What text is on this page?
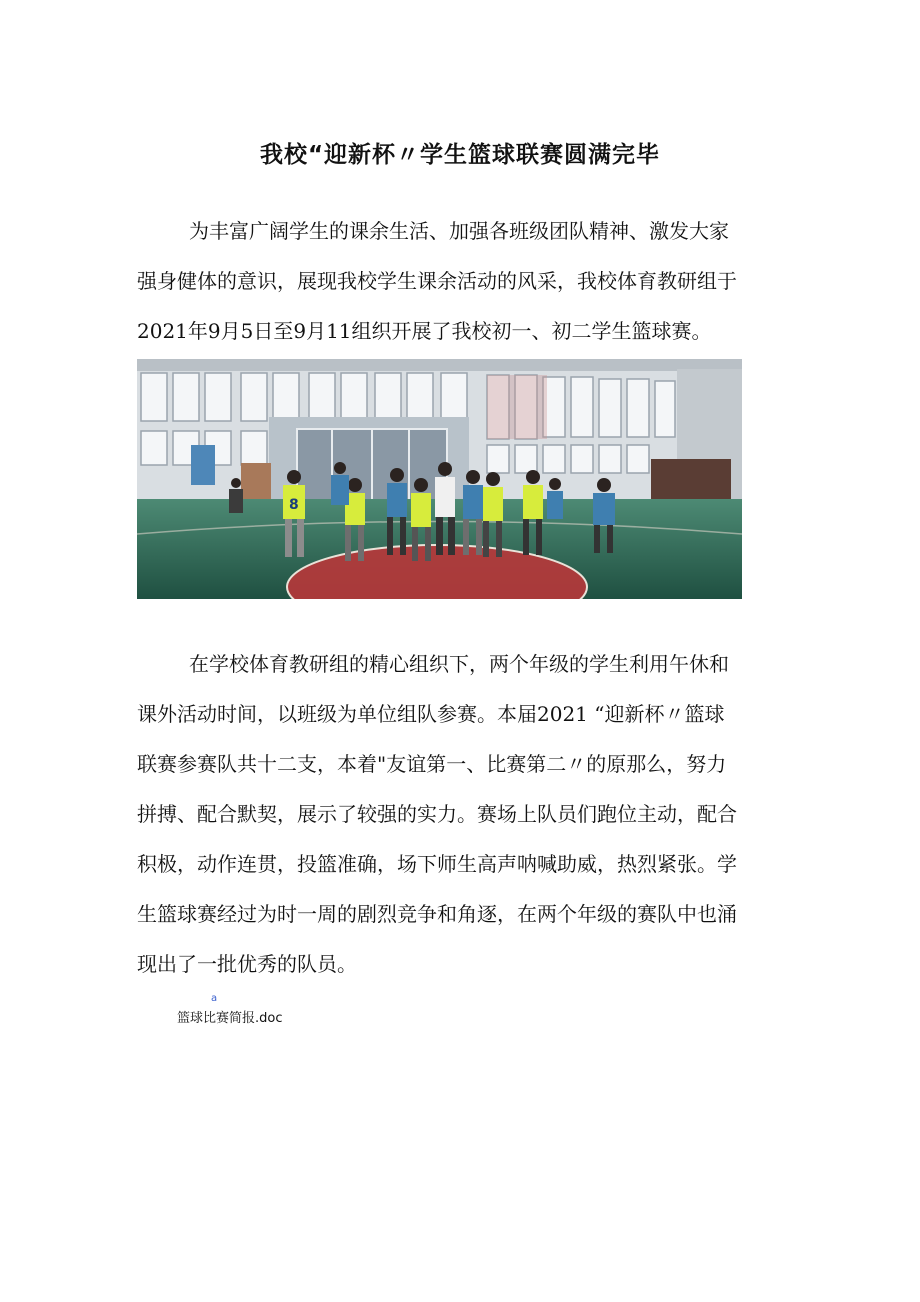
我校“迎新杯〃学生篮球联赛圆满完毕

为丰富广阔学生的课余生活、加强各班级团队精神、激发大家
强身健体的意识，展现我校学生课余活动的风采，我校体育教研组于
2021年9月5日至9月11组织开展了我校初一、初二学生篮球赛。

8

在学校体育教研组的精心组织下，两个年级的学生利用午休和
课外活动时间，以班级为单位组队参赛。本届2021 “迎新杯〃篮球
联赛参赛队共十二支，本着"友谊第一、比赛第二〃的原那么，努力
拼搏、配合默契，展示了较强的实力。赛场上队员们跑位主动，配合
积极，动作连贯，投篮准确，场下师生高声呐喊助威，热烈紧张。学
生篮球赛经过为时一周的剧烈竞争和角逐，在两个年级的赛队中也涌
现出了一批优秀的队员。

a
篮球比赛简报.doc
